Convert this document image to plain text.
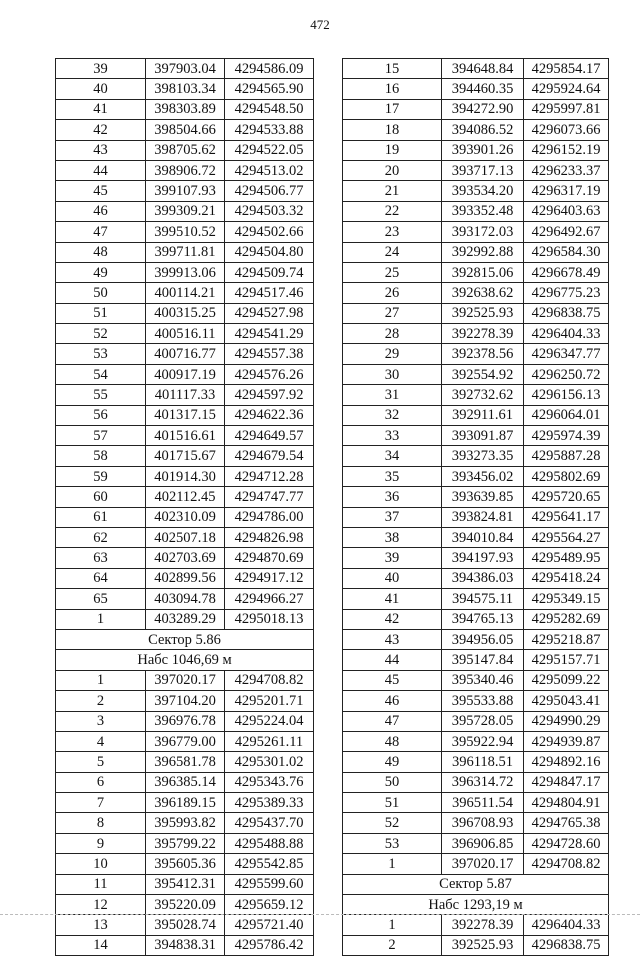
472
39	397903.04	4294586.09
40	398103.34	4294565.90
41	398303.89	4294548.50
42	398504.66	4294533.88
43	398705.62	4294522.05
44	398906.72	4294513.02
45	399107.93	4294506.77
46	399309.21	4294503.32
47	399510.52	4294502.66
48	399711.81	4294504.80
49	399913.06	4294509.74
50	400114.21	4294517.46
51	400315.25	4294527.98
52	400516.11	4294541.29
53	400716.77	4294557.38
54	400917.19	4294576.26
55	401117.33	4294597.92
56	401317.15	4294622.36
57	401516.61	4294649.57
58	401715.67	4294679.54
59	401914.30	4294712.28
60	402112.45	4294747.77
61	402310.09	4294786.00
62	402507.18	4294826.98
63	402703.69	4294870.69
64	402899.56	4294917.12
65	403094.78	4294966.27
1	403289.29	4295018.13
Сектор 5.86		
Набс 1046,69 м		
1	397020.17	4294708.82
2	397104.20	4295201.71
3	396976.78	4295224.04
4	396779.00	4295261.11
5	396581.78	4295301.02
6	396385.14	4295343.76
7	396189.15	4295389.33
8	395993.82	4295437.70
9	395799.22	4295488.88
10	395605.36	4295542.85
11	395412.31	4295599.60
12	395220.09	4295659.12
13	395028.74	4295721.40
14	394838.31	4295786.42
15	394648.84	4295854.17
16	394460.35	4295924.64
17	394272.90	4295997.81
18	394086.52	4296073.66
19	393901.26	4296152.19
20	393717.13	4296233.37
21	393534.20	4296317.19
22	393352.48	4296403.63
23	393172.03	4296492.67
24	392992.88	4296584.30
25	392815.06	4296678.49
26	392638.62	4296775.23
27	392525.93	4296838.75
28	392278.39	4296404.33
29	392378.56	4296347.77
30	392554.92	4296250.72
31	392732.62	4296156.13
32	392911.61	4296064.01
33	393091.87	4295974.39
34	393273.35	4295887.28
35	393456.02	4295802.69
36	393639.85	4295720.65
37	393824.81	4295641.17
38	394010.84	4295564.27
39	394197.93	4295489.95
40	394386.03	4295418.24
41	394575.11	4295349.15
42	394765.13	4295282.69
43	394956.05	4295218.87
44	395147.84	4295157.71
45	395340.46	4295099.22
46	395533.88	4295043.41
47	395728.05	4294990.29
48	395922.94	4294939.87
49	396118.51	4294892.16
50	396314.72	4294847.17
51	396511.54	4294804.91
52	396708.93	4294765.38
53	396906.85	4294728.60
1	397020.17	4294708.82
Сектор 5.87		
Набс 1293,19 м		
1	392278.39	4296404.33
2	392525.93	4296838.75
